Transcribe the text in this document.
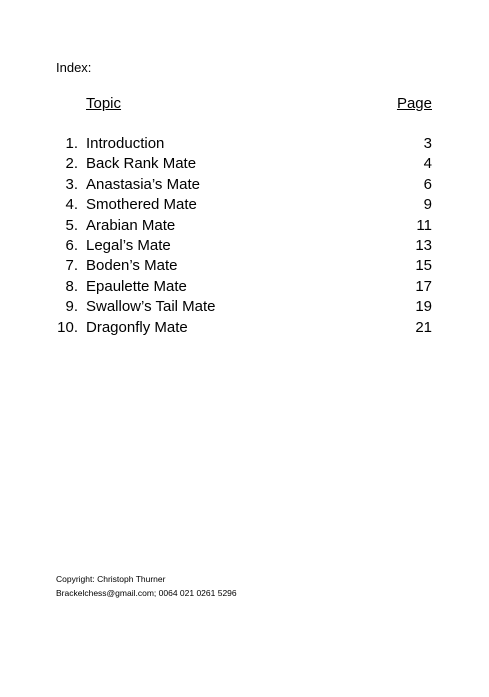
Index:
Topic	Page
1. Introduction	3
2. Back Rank Mate	4
3. Anastasia’s Mate	6
4. Smothered Mate	9
5. Arabian Mate	11
6. Legal’s Mate	13
7. Boden’s Mate	15
8. Epaulette Mate	17
9. Swallow’s Tail Mate	19
10. Dragonfly Mate	21
Copyright: Christoph Thurner
Brackelchess@gmail.com; 0064 021 0261 5296
